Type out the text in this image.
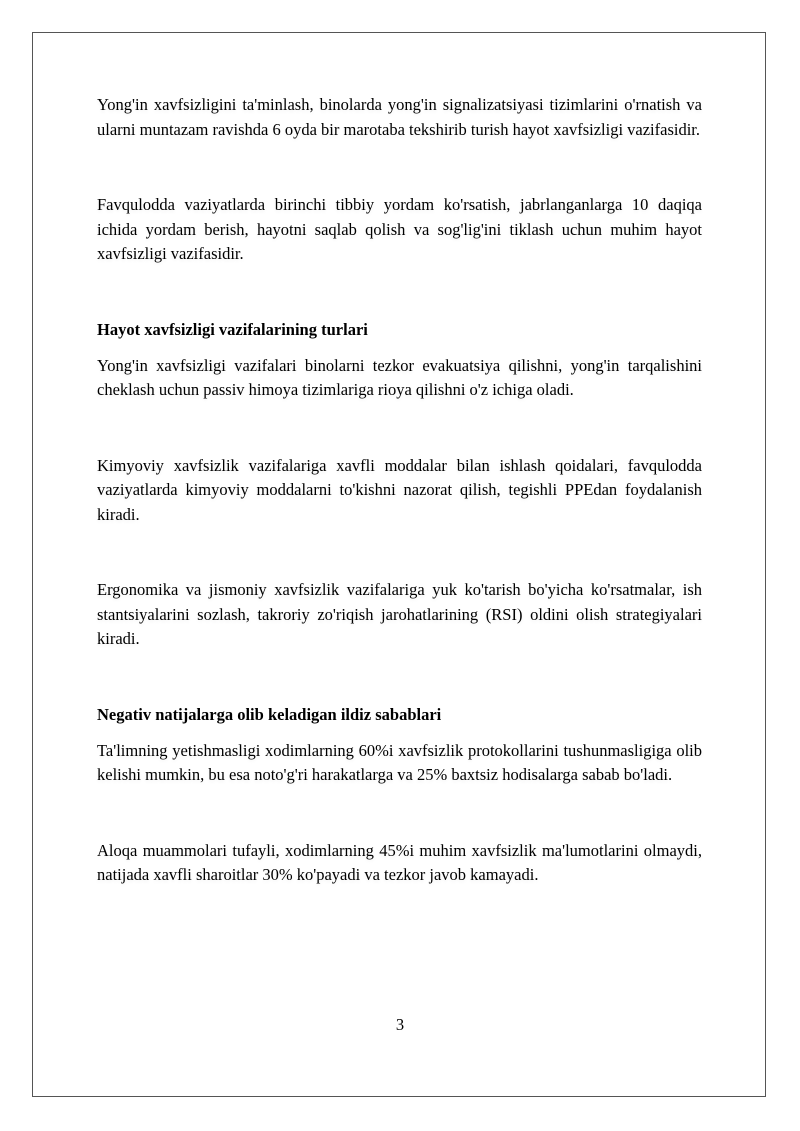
Yong'in xavfsizligini ta'minlash, binolarda yong'in signalizatsiyasi tizimlarini o'rnatish va ularni muntazam ravishda 6 oyda bir marotaba tekshirib turish hayot xavfsizligi vazifasidir.

Favqulodda vaziyatlarda birinchi tibbiy yordam ko'rsatish, jabrlanganlarga 10 daqiqa ichida yordam berish, hayotni saqlab qolish va sog'lig'ini tiklash uchun muhim hayot xavfsizligi vazifasidir.

Hayot xavfsizligi vazifalarining turlari

Yong'in xavfsizligi vazifalari binolarni tezkor evakuatsiya qilishni, yong'in tarqalishini cheklash uchun passiv himoya tizimlariga rioya qilishni o'z ichiga oladi.

Kimyoviy xavfsizlik vazifalariga xavfli moddalar bilan ishlash qoidalari, favqulodda vaziyatlarda kimyoviy moddalarni to'kishni nazorat qilish, tegishli PPEdan foydalanish kiradi.

Ergonomika va jismoniy xavfsizlik vazifalariga yuk ko'tarish bo'yicha ko'rsatmalar, ish stantsiyalarini sozlash, takroriy zo'riqish jarohatlarining (RSI) oldini olish strategiyalari kiradi.

Negativ natijalarga olib keladigan ildiz sabablari

Ta'limning yetishmasligi xodimlarning 60%i xavfsizlik protokollarini tushunmasligiga olib kelishi mumkin, bu esa noto'g'ri harakatlarga va 25% baxtsiz hodisalarga sabab bo'ladi.

Aloqa muammolari tufayli, xodimlarning 45%i muhim xavfsizlik ma'lumotlarini olmaydi, natijada xavfli sharoitlar 30% ko'payadi va tezkor javob kamayadi.

3
